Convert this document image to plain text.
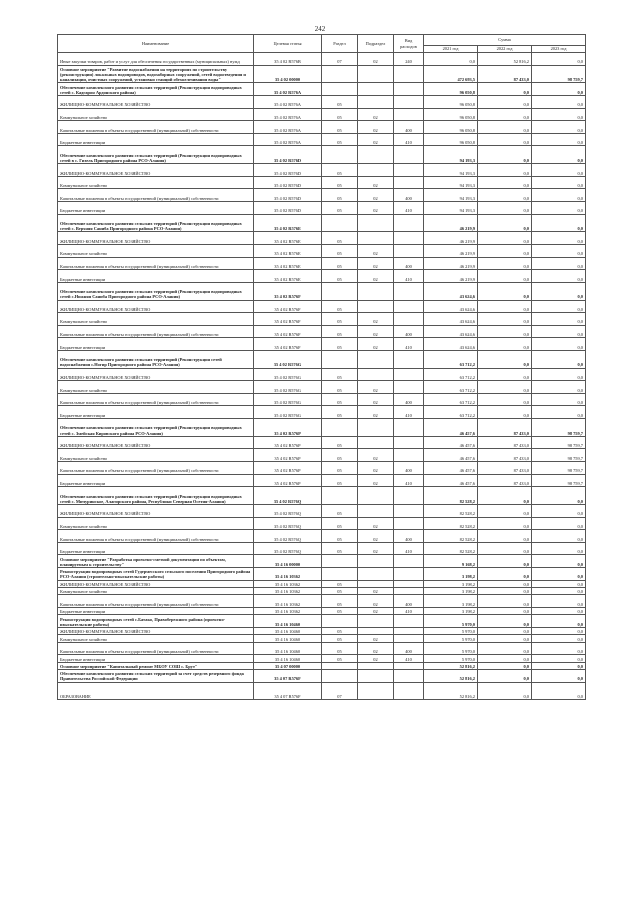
242
Наименование	Целевая статья	Раздел	Подраздел	Вид расходов	Сумма		
					2021 год	2022 год	2023 год
Иные закупки товаров, работ и услуг для обеспечения государственных (муниципальных) нужд	35 4 02 R576В	07	02	240	0,0	52 816,2	0,0
Основное мероприятие "Развитие водоснабжения на территориях по строительству (реконструкции) локальных водопроводов, водозаборных сооружений, сетей водоотведения и канализации, очистных сооружений, установки станций обезжелезивания воды"	35 4 02 00000				472 693,5	87 433,0	98 759,7
Обеспечение комплексного развития сельских территорий (Реконструкция водопроводных сетей с. Кадгарон Ардонского района)	35 4 02 R576А				96 050,8	0,0	0,0
ЖИЛИЩНО-КОММУНАЛЬНОЕ ХОЗЯЙСТВО	35 4 02 R576А	05			96 050,8	0,0	0,0
Коммунальное хозяйство	35 4 02 R576А	05	02		96 050,8	0,0	0,0
Капитальные вложения в объекты государственной (муниципальной) собственности	35 4 02 R576А	05	02	400	96 050,8	0,0	0,0
Бюджетные инвестиции	35 4 02 R576А	05	02	410	96 050,8	0,0	0,0
Обеспечение комплексного развития сельских территорий (Реконструкция водопроводных сетей в с. Гизель Пригородного района РСО-Алания)	35 4 02 R576D				94 193,3	0,0	0,0
ЖИЛИЩНО-КОММУНАЛЬНОЕ ХОЗЯЙСТВО	35 4 02 R576D	05			94 193,3	0,0	0,0
Коммунальное хозяйство	35 4 02 R576D	05	02		94 193,3	0,0	0,0
Капитальные вложения в объекты государственной (муниципальной) собственности	35 4 02 R576D	05	02	400	94 193,3	0,0	0,0
Бюджетные инвестиции	35 4 02 R576D	05	02	410	94 193,3	0,0	0,0
Обеспечение комплексного развития сельских территорий (Реконструкция водопроводных сетей с. Верхняя Саниба Пригородного района РСО-Алания)	35 4 02 R576Е				46 219,9	0,0	0,0
ЖИЛИЩНО-КОММУНАЛЬНОЕ ХОЗЯЙСТВО	35 4 02 R576Е	05			46 219,9	0,0	0,0
Коммунальное хозяйство	35 4 02 R576Е	05	02		46 219,9	0,0	0,0
Капитальные вложения в объекты государственной (муниципальной) собственности	35 4 02 R576Е	05	02	400	46 219,9	0,0	0,0
Бюджетные инвестиции	35 4 02 R576Е	05	02	410	46 219,9	0,0	0,0
Обеспечение комплексного развития сельских территорий (Реконструкция водопроводных сетей с.Нижняя Саниба Пригородного района РСО-Алания)	35 4 02 R576F				43 624,6	0,0	0,0
ЖИЛИЩНО-КОММУНАЛЬНОЕ ХОЗЯЙСТВО	35 4 02 R576F	05			43 624,6	0,0	0,0
Коммунальное хозяйство	35 4 02 R576F	05	02		43 624,6	0,0	0,0
Капитальные вложения в объекты государственной (муниципальной) собственности	35 4 02 R576F	05	02	400	43 624,6	0,0	0,0
Бюджетные инвестиции	35 4 02 R576F	05	02	410	43 624,6	0,0	0,0
Обеспечение комплексного развития сельских территорий (Реконструкция сетей водоснабжения с.Ногир Пригородного района РСО-Алания)	35 4 02 R576G				63 712,2	0,0	0,0
ЖИЛИЩНО-КОММУНАЛЬНОЕ ХОЗЯЙСТВО	35 4 02 R576G	05			63 712,2	0,0	0,0
Коммунальное хозяйство	35 4 02 R576G	05	02		63 712,2	0,0	0,0
Капитальные вложения в объекты государственной (муниципальной) собственности	35 4 02 R576G	05	02	400	63 712,2	0,0	0,0
Бюджетные инвестиции	35 4 02 R576G	05	02	410	63 712,2	0,0	0,0
Обеспечение комплексного развития сельских территорий (Реконструкция водопроводных сетей с. Змейская Кировского района РСО-Алания)	35 4 02 R576P				46 457,6	87 433,0	98 759,7
ЖИЛИЩНО-КОММУНАЛЬНОЕ ХОЗЯЙСТВО	35 4 02 R576P	05			46 457,6	87 433,0	98 759,7
Коммунальное хозяйство	35 4 02 R576P	05	02		46 457,6	87 433,0	98 759,7
Капитальные вложения в объекты государственной (муниципальной) собственности	35 4 02 R576P	05	02	400	46 457,6	87 433,0	98 759,7
Бюджетные инвестиции	35 4 02 R576P	05	02	410	46 457,6	87 433,0	98 759,7
Обеспечение комплексного развития сельских территорий (Реконструкция водопроводных сетей с. Мичуринское, Алагирского района, Республики Северная Осетия-Алания)	35 4 02 R576Q				82 528,2	0,0	0,0
ЖИЛИЩНО-КОММУНАЛЬНОЕ ХОЗЯЙСТВО	35 4 02 R576Q	05			82 528,2	0,0	0,0
Коммунальное хозяйство	35 4 02 R576Q	05	02		82 528,2	0,0	0,0
Капитальные вложения в объекты государственной (муниципальной) собственности	35 4 02 R576Q	05	02	400	82 528,2	0,0	0,0
Бюджетные инвестиции	35 4 02 R576Q	05	02	410	82 528,2	0,0	0,0
Основное мероприятие "Разработка проектно-сметной документации по объектам, планируемым к строительству"	35 4 16 00000				9 168,2	0,0	0,0
Реконструкция водопроводных сетей Гудермесского сельского поселения Пригородного района РСО-Алания (строительно-изыскательские работы)	35 4 16 10362				3 198,2	0,0	0,0
ЖИЛИЩНО-КОММУНАЛЬНОЕ ХОЗЯЙСТВО	35 4 16 10362	05			3 198,2	0,0	0,0
Коммунальное хозяйство	35 4 16 10362	05	02		3 198,2	0,0	0,0
Капитальные вложения в объекты государственной (муниципальной) собственности	35 4 16 10362	05	02	400	3 198,2	0,0	0,0
Бюджетные инвестиции	35 4 16 10362	05	02	410	3 198,2	0,0	0,0
Реконструкция водопроводных сетей с.Батако, Правобережного района (проектно-изыскательские работы)	35 4 16 10460				5 970,0	0,0	0,0
ЖИЛИЩНО-КОММУНАЛЬНОЕ ХОЗЯЙСТВО	35 4 16 10460	05			5 970,0	0,0	0,0
Коммунальное хозяйство	35 4 16 10460	05	02		5 970,0	0,0	0,0
Капитальные вложения в объекты государственной (муниципальной) собственности	35 4 16 10460	05	02	400	5 970,0	0,0	0,0
Бюджетные инвестиции	35 4 16 10460	05	02	410	5 970,0	0,0	0,0
Основное мероприятие "Капитальный ремонт МБОУ СОШ с. Брут"	35 4 07 00000				52 816,2	0,0	0,0
Обеспечение комплексного развития сельских территорий за счет средств резервного фонда Правительства Российской Федерации	35 4 07 R576F				52 816,2	0,0	0,0
ОБРАЗОВАНИЕ	35 4 07 R576F	07			52 816,2	0,0	0,0
